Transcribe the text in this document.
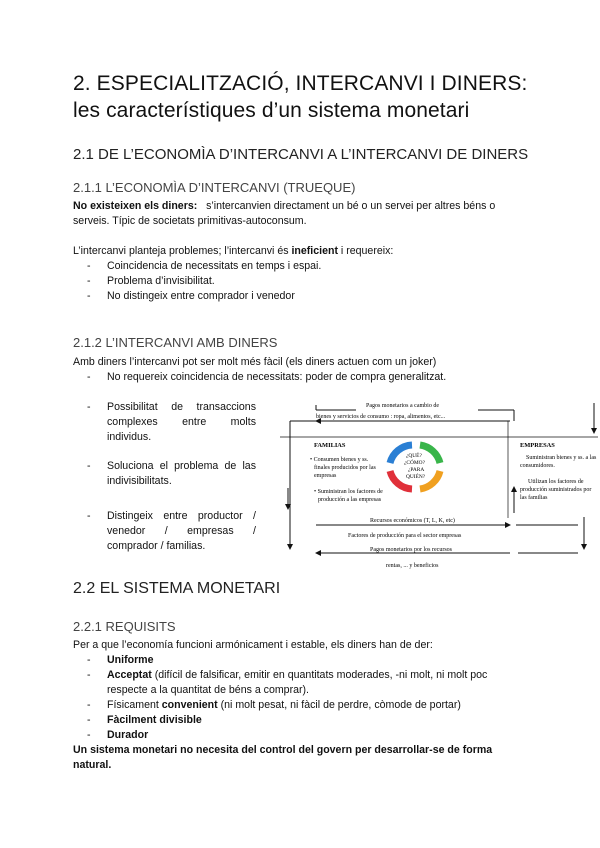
2. ESPECIALITZACIÓ, INTERCANVI I DINERS:
les característiques d’un sistema monetari
2.1 DE L’ECONOMÌA D’INTERCANVI A L’INTERCANVI DE DINERS
2.1.1 L’ECONOMÌA D’INTERCANVI (TRUEQUE)
No existeixen els diners: s’intercanvien directament un bé o un servei per altres béns o
serveis. Típic de societats primitivas-autoconsum.
L’intercanvi planteja problemes; l’intercanvi és ineficient i requereix:
- Coincidencia de necessitats en temps i espai.
- Problema d’invisibilitat.
- No distingeix entre comprador i venedor
2.1.2 L’INTERCANVI AMB DINERS
Amb diners l’intercanvi pot ser molt més fàcil (els diners actuen com un joker)
- No requereix coincidencia de necessitats: poder de compra generalitzat.
- Possibilitat de transaccions
complexes entre molts
individus.
- Soluciona el problema de las
indivisibilitats.
- Distingeix entre productor /
venedor / empresas /
comprador / familias.
Pagos monetarios a cambio de
bienes y servicios de consumo : ropa, alimentos, etc...
FAMILIAS	EMPRESAS
• Consumen bienes y ss.
finales producidos por las
empresas
• Suministran los factores de
producción a las empresas
Suministran bienes y ss. a las
consumidores.
Utilizan los factores de
producción suministrados por
las familias
¿QUÉ?
¿CÓMO?
¿PARA
QUIÉN?
Recursos económicos (T, L, K, etc)
Factores de producción para el sector empresas
Pagos monetarios por los recursos
rentas, ... y beneficios
2.2 EL SISTEMA MONETARI
2.2.1 REQUISITS
Per a que l’economía funcioni armónicament i estable, els diners han de der:
- Uniforme
- Acceptat (difícil de falsificar, emitir en quantitats moderades, -ni molt, ni molt poc
respecte a la quantitat de béns a comprar).
- Físicament convenient (ni molt pesat, ni fàcil de perdre, còmode de portar)
- Fàcilment divisible
- Durador
Un sistema monetari no necesita del control del govern per desarrollar-se de forma
natural.
